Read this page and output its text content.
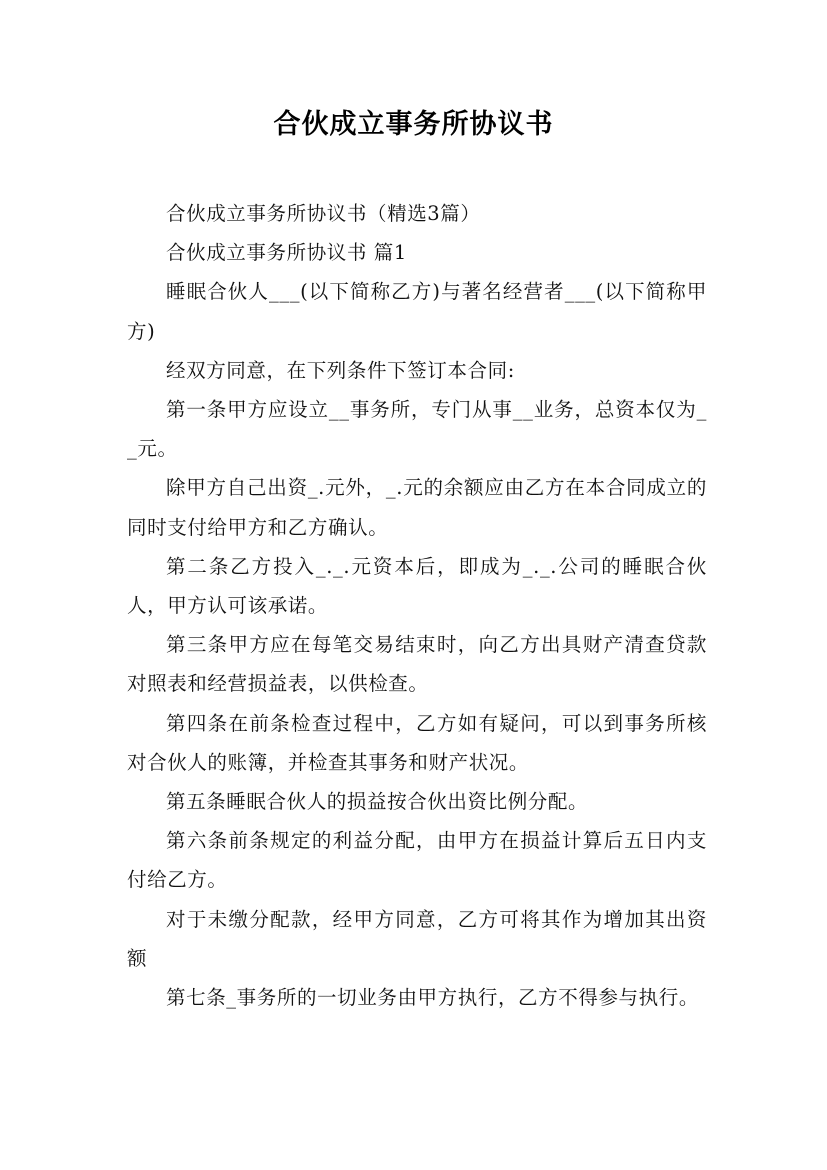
合伙成立事务所协议书

合伙成立事务所协议书（精选3篇）

合伙成立事务所协议书 篇1

睡眠合伙人___(以下简称乙方)与著名经营者___(以下简称甲方)

经双方同意，在下列条件下签订本合同:

第一条甲方应设立__事务所，专门从事__业务，总资本仅为__元。

除甲方自己出资_.元外，_.元的余额应由乙方在本合同成立的同时支付给甲方和乙方确认。

第二条乙方投入_._.元资本后，即成为_._.公司的睡眠合伙人，甲方认可该承诺。

第三条甲方应在每笔交易结束时，向乙方出具财产清查贷款对照表和经营损益表，以供检查。

第四条在前条检查过程中，乙方如有疑问，可以到事务所核对合伙人的账簿，并检查其事务和财产状况。

第五条睡眠合伙人的损益按合伙出资比例分配。

第六条前条规定的利益分配，由甲方在损益计算后五日内支付给乙方。

对于未缴分配款，经甲方同意，乙方可将其作为增加其出资额

第七条_事务所的一切业务由甲方执行，乙方不得参与执行。
